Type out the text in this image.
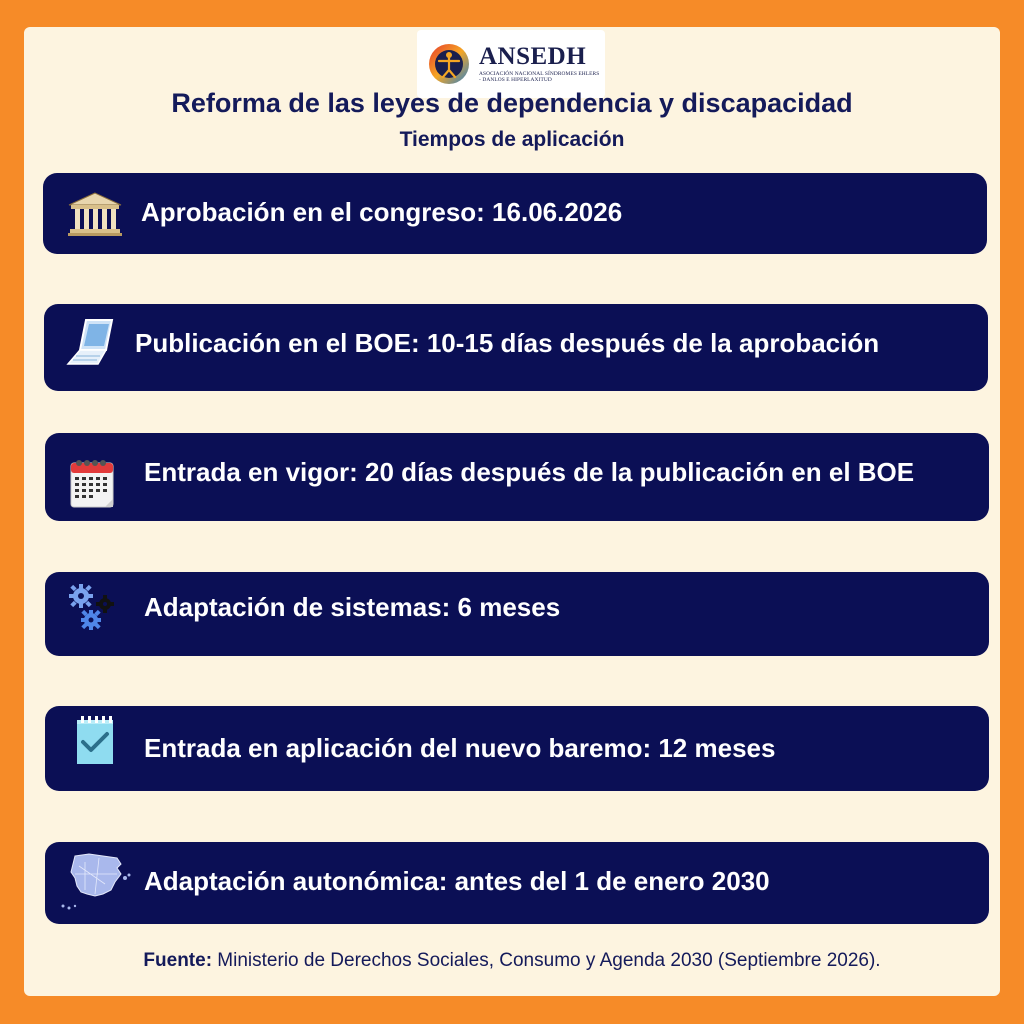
ANSEDH
ASOCIACIÓN NACIONAL SÍNDROMES EHLERS - DANLOS E HIPERLAXITUD
Reforma de las leyes de dependencia y discapacidad
Tiempos de aplicación
Aprobación en el congreso: 16.06.2026
Publicación en el BOE: 10-15 días después de la aprobación
Entrada en vigor: 20 días después de la publicación en el BOE
Adaptación de sistemas: 6 meses
Entrada en aplicación del nuevo baremo: 12 meses
Adaptación autonómica: antes del 1 de enero 2030
Fuente: Ministerio de Derechos Sociales, Consumo y Agenda 2030 (Septiembre 2026).
